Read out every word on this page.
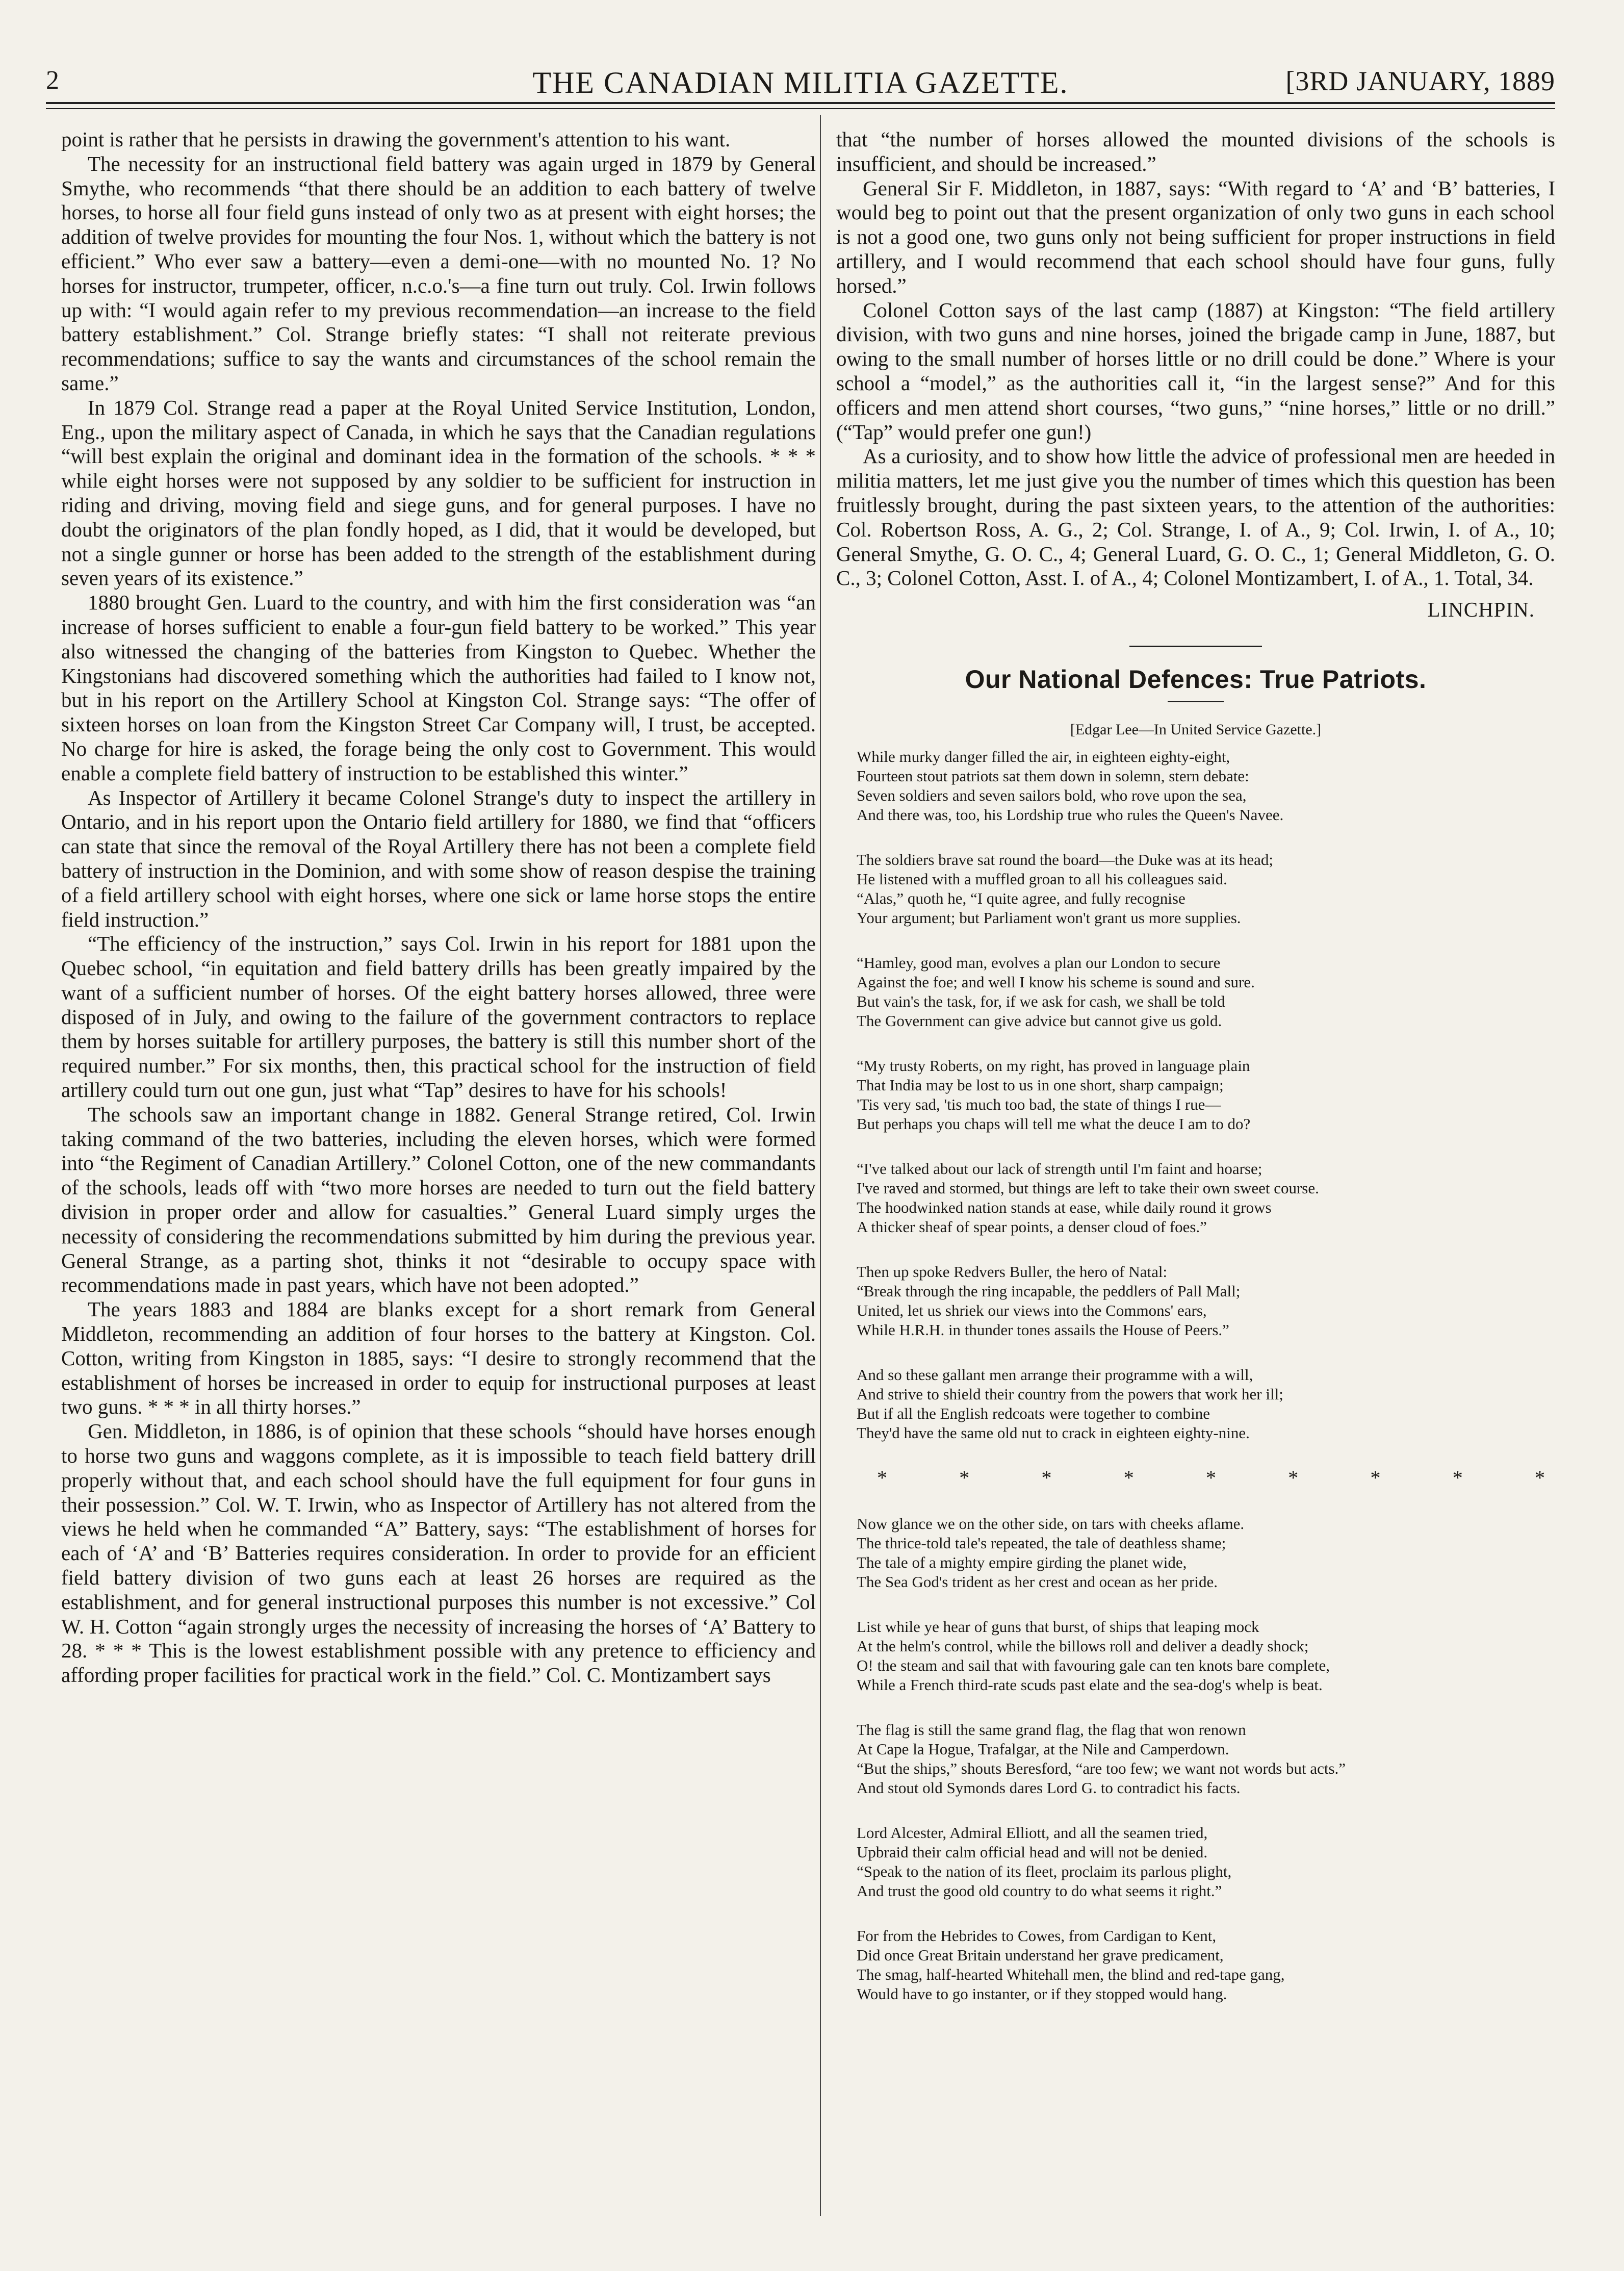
2	THE CANADIAN MILITIA GAZETTE.	[3RD JANUARY, 1889

point is rather that he persists in drawing the government's attention to his want.

The necessity for an instructional field battery was again urged in 1879 by General Smythe, who recommends “that there should be an addition to each battery of twelve horses, to horse all four field guns instead of only two as at present with eight horses; the addition of twelve provides for mounting the four Nos. 1, without which the battery is not efficient.” Who ever saw a battery—even a demi-one—with no mounted No. 1? No horses for instructor, trumpeter, officer, n.c.o.'s—a fine turn out truly. Col. Irwin follows up with: “I would again refer to my previous recommendation—an increase to the field battery establishment.” Col. Strange briefly states: “I shall not reiterate previous recommendations; suffice to say the wants and circumstances of the school remain the same.”

In 1879 Col. Strange read a paper at the Royal United Service Institution, London, Eng., upon the military aspect of Canada, in which he says that the Canadian regulations “will best explain the original and dominant idea in the formation of the schools. * * * while eight horses were not supposed by any soldier to be sufficient for instruction in riding and driving, moving field and siege guns, and for general purposes. I have no doubt the originators of the plan fondly hoped, as I did, that it would be developed, but not a single gunner or horse has been added to the strength of the establishment during seven years of its existence.”

1880 brought Gen. Luard to the country, and with him the first consideration was “an increase of horses sufficient to enable a four-gun field battery to be worked.” This year also witnessed the changing of the batteries from Kingston to Quebec. Whether the Kingstonians had discovered something which the authorities had failed to I know not, but in his report on the Artillery School at Kingston Col. Strange says: “The offer of sixteen horses on loan from the Kingston Street Car Company will, I trust, be accepted. No charge for hire is asked, the forage being the only cost to Government. This would enable a complete field battery of instruction to be established this winter.”

As Inspector of Artillery it became Colonel Strange's duty to inspect the artillery in Ontario, and in his report upon the Ontario field artillery for 1880, we find that “officers can state that since the removal of the Royal Artillery there has not been a complete field battery of instruction in the Dominion, and with some show of reason despise the training of a field artillery school with eight horses, where one sick or lame horse stops the entire field instruction.”

“The efficiency of the instruction,” says Col. Irwin in his report for 1881 upon the Quebec school, “in equitation and field battery drills has been greatly impaired by the want of a sufficient number of horses. Of the eight battery horses allowed, three were disposed of in July, and owing to the failure of the government contractors to replace them by horses suitable for artillery purposes, the battery is still this number short of the required number.” For six months, then, this practical school for the instruction of field artillery could turn out one gun, just what “Tap” desires to have for his schools!

The schools saw an important change in 1882. General Strange retired, Col. Irwin taking command of the two batteries, including the eleven horses, which were formed into “the Regiment of Canadian Artillery.” Colonel Cotton, one of the new commandants of the schools, leads off with “two more horses are needed to turn out the field battery division in proper order and allow for casualties.” General Luard simply urges the necessity of considering the recommendations submitted by him during the previous year. General Strange, as a parting shot, thinks it not “desirable to occupy space with recommendations made in past years, which have not been adopted.”

The years 1883 and 1884 are blanks except for a short remark from General Middleton, recommending an addition of four horses to the battery at Kingston. Col. Cotton, writing from Kingston in 1885, says: “I desire to strongly recommend that the establishment of horses be increased in order to equip for instructional purposes at least two guns. * * * in all thirty horses.”

Gen. Middleton, in 1886, is of opinion that these schools “should have horses enough to horse two guns and waggons complete, as it is impossible to teach field battery drill properly without that, and each school should have the full equipment for four guns in their possession.” Col. W. T. Irwin, who as Inspector of Artillery has not altered from the views he held when he commanded “A” Battery, says: “The establishment of horses for each of ‘A’ and ‘B’ Batteries requires consideration. In order to provide for an efficient field battery division of two guns each at least 26 horses are required as the establishment, and for general instructional purposes this number is not excessive.” Col W. H. Cotton “again strongly urges the necessity of increasing the horses of ‘A’ Battery to 28. * * * This is the lowest establishment possible with any pretence to efficiency and affording proper facilities for practical work in the field.” Col. C. Montizambert says

that “the number of horses allowed the mounted divisions of the schools is insufficient, and should be increased.”

General Sir F. Middleton, in 1887, says: “With regard to ‘A’ and ‘B’ batteries, I would beg to point out that the present organization of only two guns in each school is not a good one, two guns only not being sufficient for proper instructions in field artillery, and I would recommend that each school should have four guns, fully horsed.”

Colonel Cotton says of the last camp (1887) at Kingston: “The field artillery division, with two guns and nine horses, joined the brigade camp in June, 1887, but owing to the small number of horses little or no drill could be done.” Where is your school a “model,” as the authorities call it, “in the largest sense?” And for this officers and men attend short courses, “two guns,” “nine horses,” little or no drill.” (“Tap” would prefer one gun!)

As a curiosity, and to show how little the advice of professional men are heeded in militia matters, let me just give you the number of times which this question has been fruitlessly brought, during the past sixteen years, to the attention of the authorities: Col. Robertson Ross, A. G., 2; Col. Strange, I. of A., 9; Col. Irwin, I. of A., 10; General Smythe, G. O. C., 4; General Luard, G. O. C., 1; General Middleton, G. O. C., 3; Colonel Cotton, Asst. I. of A., 4; Colonel Montizambert, I. of A., 1. Total, 34.

LINCHPIN.
Our National Defences: True Patriots.
[Edgar Lee—In United Service Gazette.]
While murky danger filled the air, in eighteen eighty-eight,
Fourteen stout patriots sat them down in solemn, stern debate:
Seven soldiers and seven sailors bold, who rove upon the sea,
And there was, too, his Lordship true who rules the Queen's Navee.
The soldiers brave sat round the board—the Duke was at its head;
He listened with a muffled groan to all his colleagues said.
“Alas,” quoth he, “I quite agree, and fully recognise
Your argument; but Parliament won't grant us more supplies.
“Hamley, good man, evolves a plan our London to secure
Against the foe; and well I know his scheme is sound and sure.
But vain's the task, for, if we ask for cash, we shall be told
The Government can give advice but cannot give us gold.
“My trusty Roberts, on my right, has proved in language plain
That India may be lost to us in one short, sharp campaign;
'Tis very sad, 'tis much too bad, the state of things I rue—
But perhaps you chaps will tell me what the deuce I am to do?
“I've talked about our lack of strength until I'm faint and hoarse;
I've raved and stormed, but things are left to take their own sweet course.
The hoodwinked nation stands at ease, while daily round it grows
A thicker sheaf of spear points, a denser cloud of foes.”
Then up spoke Redvers Buller, the hero of Natal:
“Break through the ring incapable, the peddlers of Pall Mall;
United, let us shriek our views into the Commons' ears,
While H.R.H. in thunder tones assails the House of Peers.”
And so these gallant men arrange their programme with a will,
And strive to shield their country from the powers that work her ill;
But if all the English redcoats were together to combine
They'd have the same old nut to crack in eighteen eighty-nine.
*	*	*	*	*	*	*	*	*
Now glance we on the other side, on tars with cheeks aflame.
The thrice-told tale's repeated, the tale of deathless shame;
The tale of a mighty empire girding the planet wide,
The Sea God's trident as her crest and ocean as her pride.
List while ye hear of guns that burst, of ships that leaping mock
At the helm's control, while the billows roll and deliver a deadly shock;
O! the steam and sail that with favouring gale can ten knots bare complete,
While a French third-rate scuds past elate and the sea-dog's whelp is beat.
The flag is still the same grand flag, the flag that won renown
At Cape la Hogue, Trafalgar, at the Nile and Camperdown.
“But the ships,” shouts Beresford, “are too few; we want not words but acts.”
And stout old Symonds dares Lord G. to contradict his facts.
Lord Alcester, Admiral Elliott, and all the seamen tried,
Upbraid their calm official head and will not be denied.
“Speak to the nation of its fleet, proclaim its parlous plight,
And trust the good old country to do what seems it right.”
For from the Hebrides to Cowes, from Cardigan to Kent,
Did once Great Britain understand her grave predicament,
The smag, half-hearted Whitehall men, the blind and red-tape gang,
Would have to go instanter, or if they stopped would hang.
